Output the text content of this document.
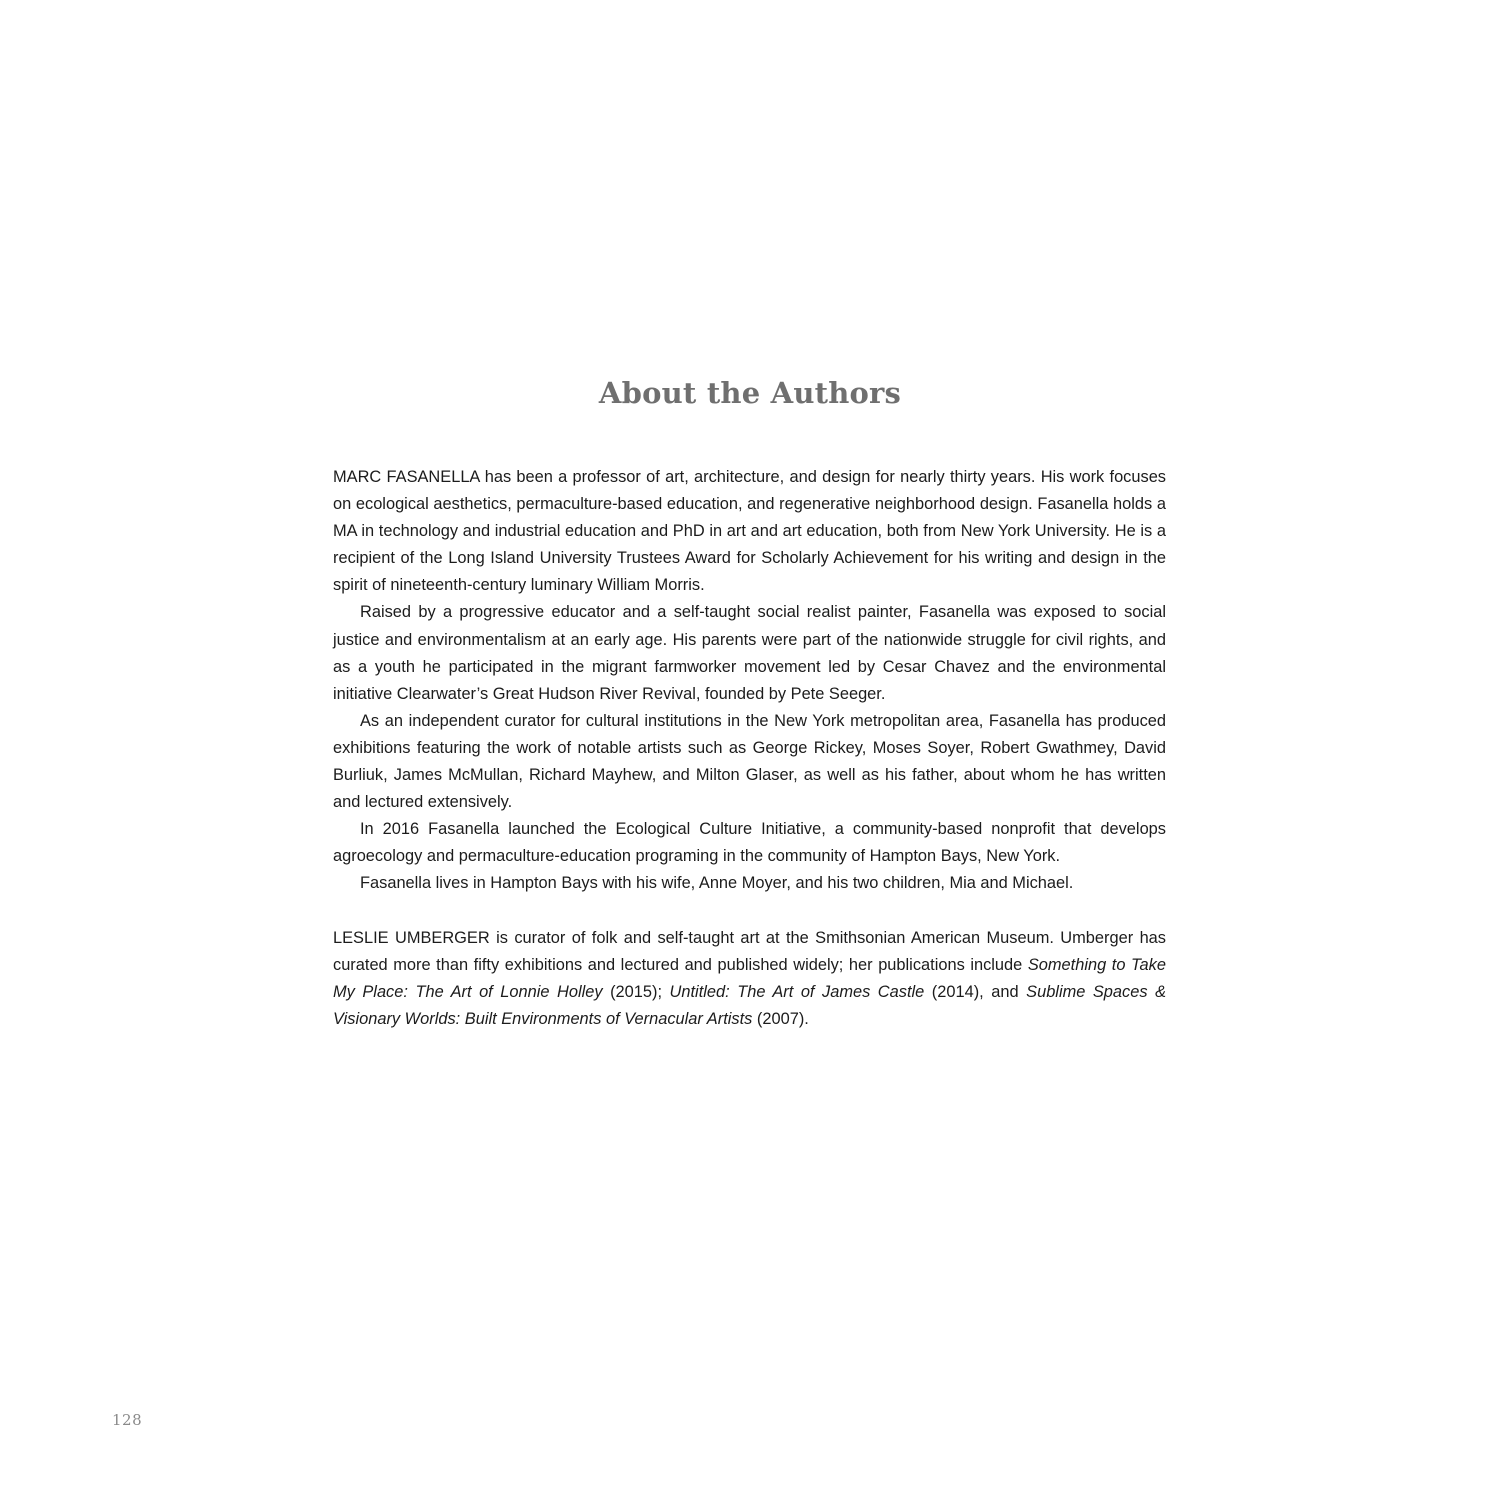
About the Authors

MARC FASANELLA has been a professor of art, architecture, and design for nearly thirty years. His work focuses on ecological aesthetics, permaculture-based education, and regenerative neighborhood design. Fasanella holds a MA in technology and industrial education and PhD in art and art education, both from New York University. He is a recipient of the Long Island University Trustees Award for Scholarly Achievement for his writing and design in the spirit of nineteenth-century luminary William Morris.

Raised by a progressive educator and a self-taught social realist painter, Fasanella was exposed to social justice and environmentalism at an early age. His parents were part of the nationwide struggle for civil rights, and as a youth he participated in the migrant farmworker movement led by Cesar Chavez and the environmental initiative Clearwater’s Great Hudson River Revival, founded by Pete Seeger.

As an independent curator for cultural institutions in the New York metropolitan area, Fasanella has produced exhibitions featuring the work of notable artists such as George Rickey, Moses Soyer, Robert Gwathmey, David Burliuk, James McMullan, Richard Mayhew, and Milton Glaser, as well as his father, about whom he has written and lectured extensively.

In 2016 Fasanella launched the Ecological Culture Initiative, a community-based nonprofit that develops agroecology and permaculture-education programing in the community of Hampton Bays, New York.

Fasanella lives in Hampton Bays with his wife, Anne Moyer, and his two children, Mia and Michael.

LESLIE UMBERGER is curator of folk and self-taught art at the Smithsonian American Museum. Umberger has curated more than fifty exhibitions and lectured and published widely; her publications include Something to Take My Place: The Art of Lonnie Holley (2015); Untitled: The Art of James Castle (2014), and Sublime Spaces & Visionary Worlds: Built Environments of Vernacular Artists (2007).

128
